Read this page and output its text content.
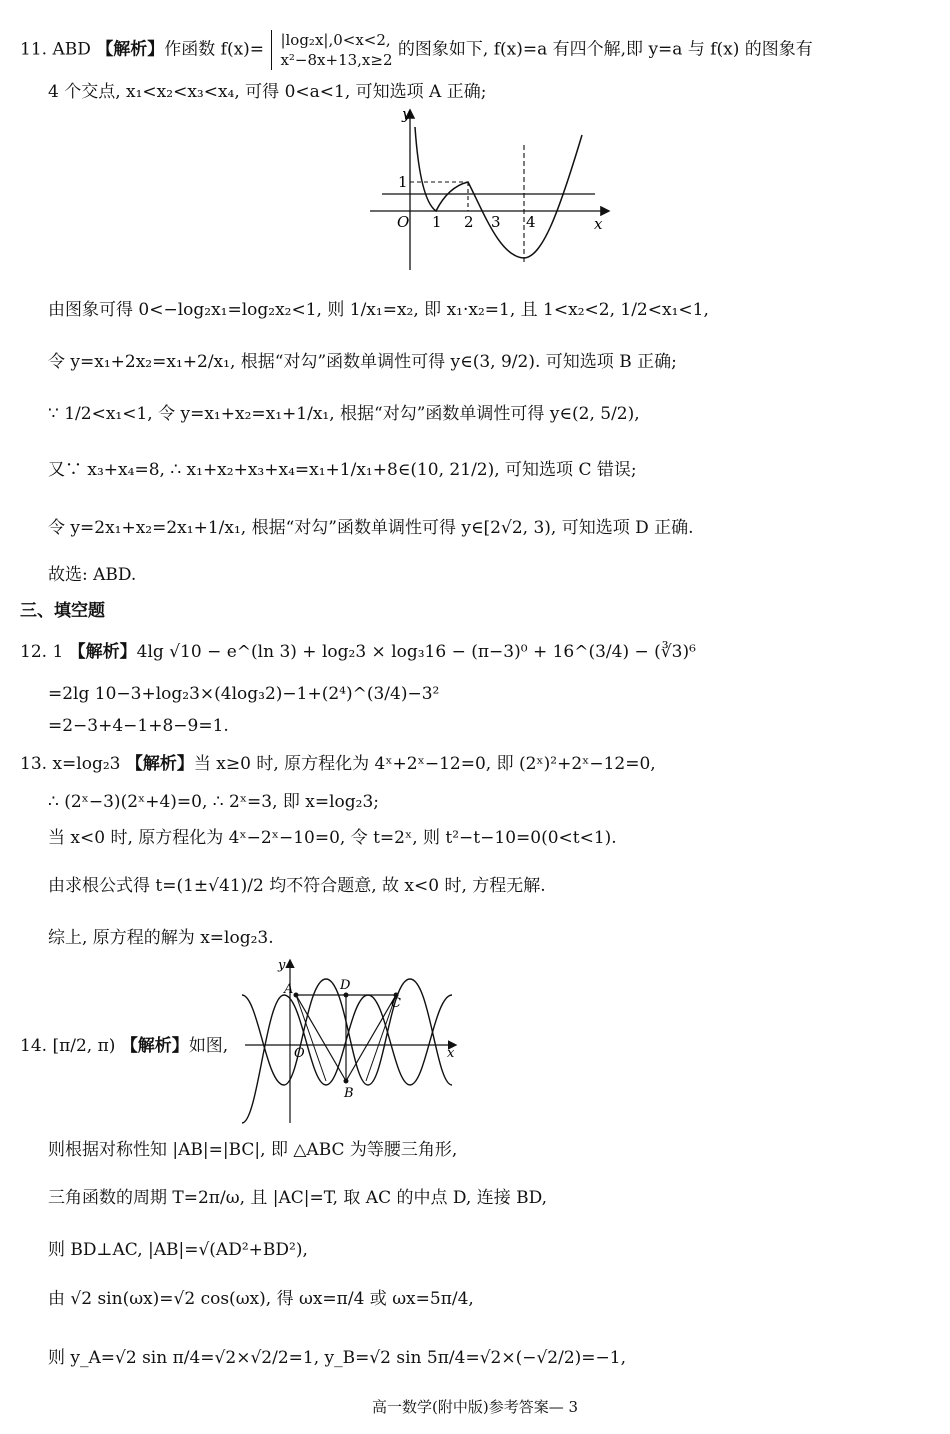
11. ABD 【解析】作函数 f(x)= |log₂x|,0<x<2,
x²−8x+13,x≥2
的图象如下, f(x)=a 有四个解,即 y=a 与 f(x) 的图象有
4 个交点, x₁<x₂<x₃<x₄, 可得 0<a<1, 可知选项 A 正确;
y
x
O 1 2 3 4
1
由图象可得 0<−log₂x₁=log₂x₂<1, 则 1/x₁=x₂, 即 x₁·x₂=1, 且 1<x₂<2, 1/2<x₁<1,
令 y=x₁+2x₂=x₁+2/x₁, 根据“对勾”函数单调性可得 y∈(3, 9/2). 可知选项 B 正确;
∵ 1/2<x₁<1, 令 y=x₁+x₂=x₁+1/x₁, 根据“对勾”函数单调性可得 y∈(2, 5/2),
又∵ x₃+x₄=8, ∴ x₁+x₂+x₃+x₄=x₁+1/x₁+8∈(10, 21/2), 可知选项 C 错误;
令 y=2x₁+x₂=2x₁+1/x₁, 根据“对勾”函数单调性可得 y∈[2√2, 3), 可知选项 D 正确.
故选: ABD.
三、填空题
12. 1 【解析】4lg √10 − e^(ln 3) + log₂3 × log₃16 − (π−3)⁰ + 16^(3/4) − (∛3)⁶
=2lg 10−3+log₂3×(4log₃2)−1+(2⁴)^(3/4)−3²
=2−3+4−1+8−9=1.
13. x=log₂3 【解析】当 x≥0 时, 原方程化为 4ˣ+2ˣ−12=0, 即 (2ˣ)²+2ˣ−12=0,
∴ (2ˣ−3)(2ˣ+4)=0, ∴ 2ˣ=3, 即 x=log₂3;
当 x<0 时, 原方程化为 4ˣ−2ˣ−10=0, 令 t=2ˣ, 则 t²−t−10=0(0<t<1).
由求根公式得 t=(1±√41)/2 均不符合题意, 故 x<0 时, 方程无解.
综上, 原方程的解为 x=log₂3.
14. [π/2, π) 【解析】如图,
y
x
O
A	D
C
B
则根据对称性知 |AB|=|BC|, 即 △ABC 为等腰三角形,
三角函数的周期 T=2π/ω, 且 |AC|=T, 取 AC 的中点 D, 连接 BD,
则 BD⊥AC, |AB|=√(AD²+BD²),
由 √2 sin(ωx)=√2 cos(ωx), 得 ωx=π/4 或 ωx=5π/4,
则 y_A=√2 sin π/4=√2×√2/2=1, y_B=√2 sin 5π/4=√2×(−√2/2)=−1,
高一数学(附中版)参考答案— 3
